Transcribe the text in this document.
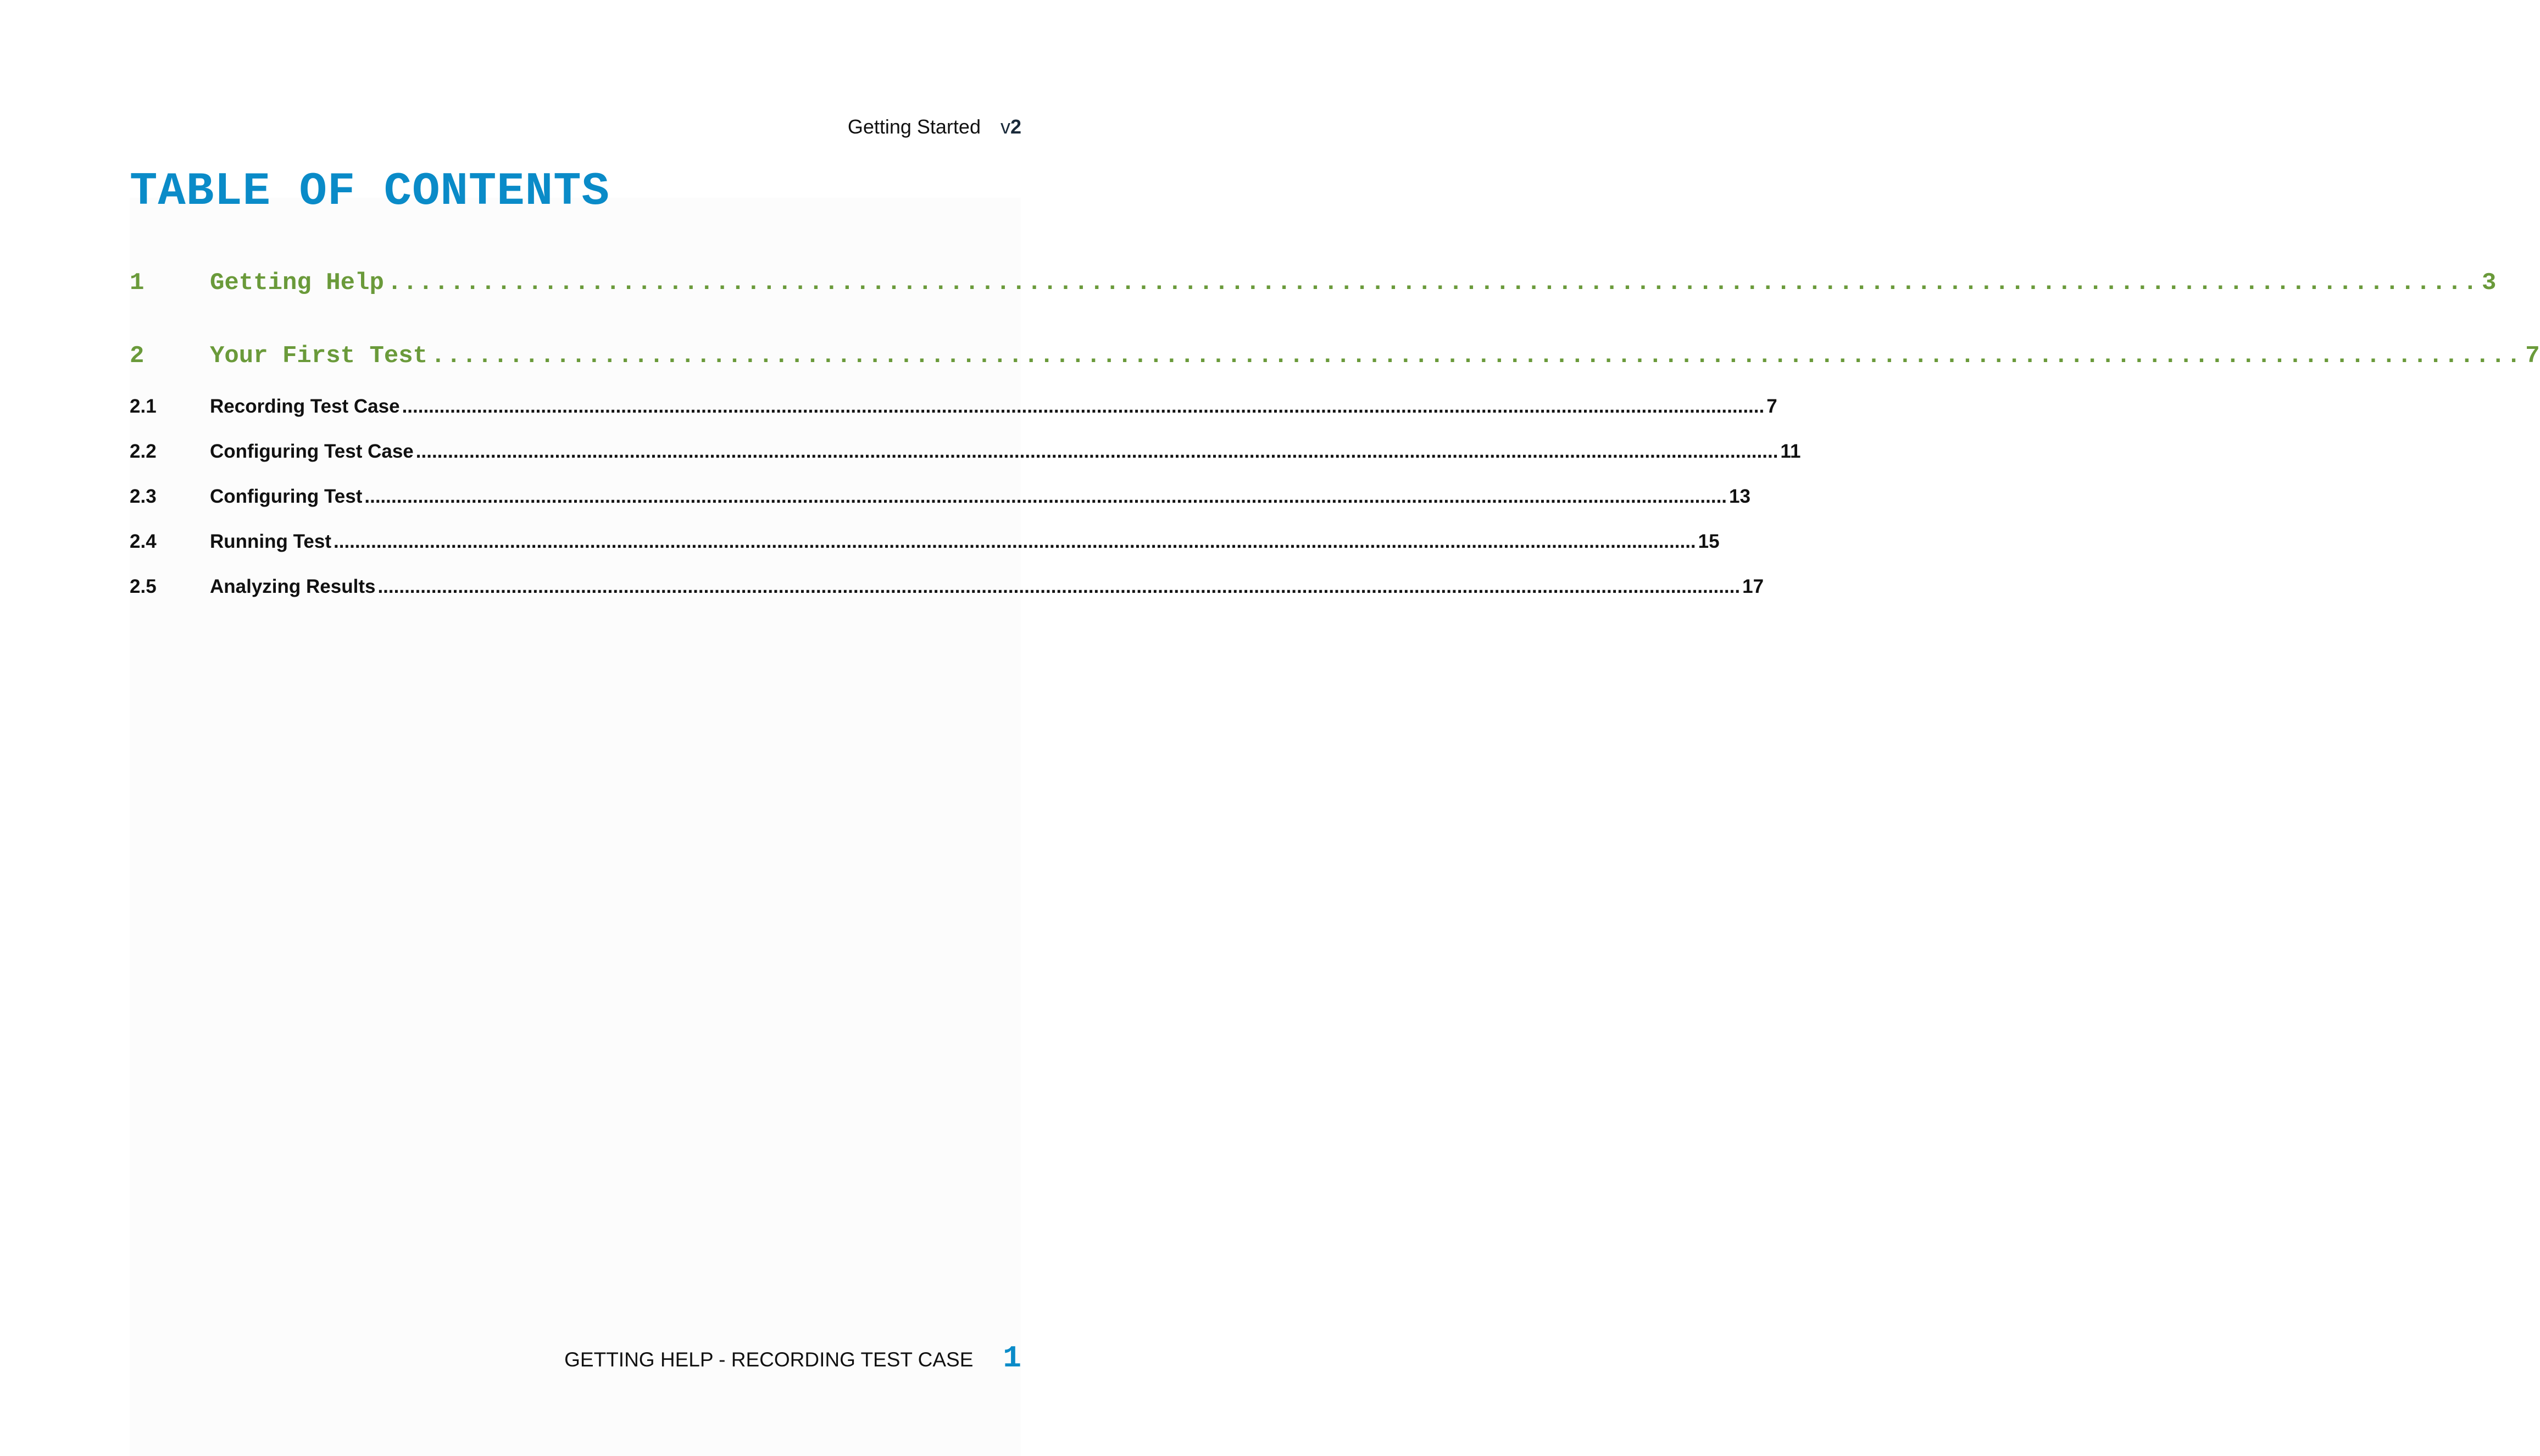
Getting Started v2
TABLE OF CONTENTS
1	Getting Help ...................................................................................................................................... 3
2	Your First Test ...................................................................................................................................... 7
2.1	Recording Test Case ............................................................................................................................................................................................................................................................... 7
2.2	Configuring Test Case ............................................................................................................................................................................................................................................................... 11
2.3	Configuring Test ............................................................................................................................................................................................................................................................... 13
2.4	Running Test ............................................................................................................................................................................................................................................................... 15
2.5	Analyzing Results ............................................................................................................................................................................................................................................................... 17
GETTING HELP - RECORDING TEST CASE 1
